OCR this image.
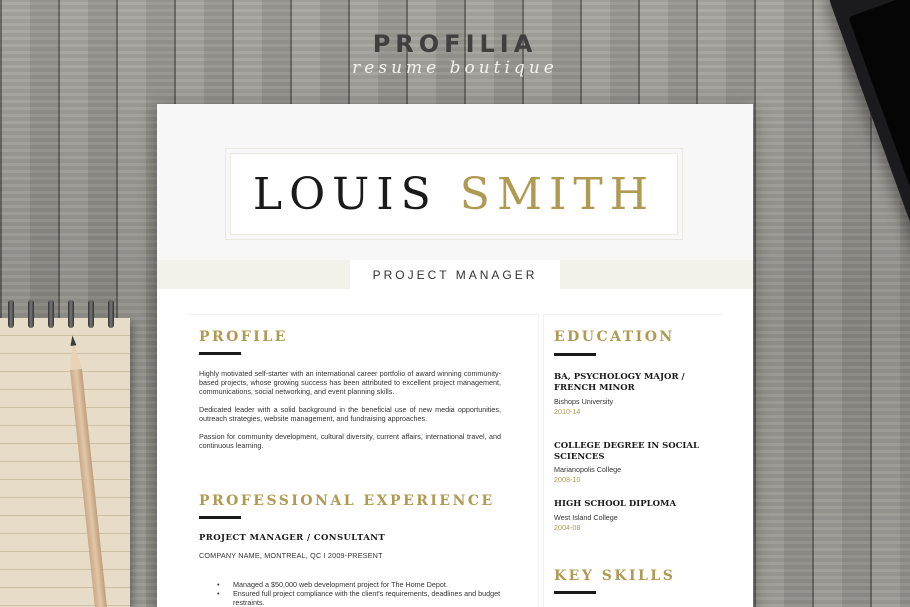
PROFILIA
resume boutique
LOUIS SMITH
PROJECT MANAGER
PROFILE
Highly motivated self-starter with an international career portfolio of award winning community-based projects, whose growing success has been attributed to excellent project management, communications, social networking, and event planning skills.
Dedicated leader with a solid background in the beneficial use of new media opportunities, outreach strategies, website management, and fundraising approaches.
Passion for community development, cultural diversity, current affairs, international travel, and continuous learning.
PROFESSIONAL EXPERIENCE
PROJECT MANAGER / CONSULTANT
COMPANY NAME, MONTREAL, QC I 2009-PRESENT
• Managed a $50,000 web development project for The Home Depot.
• Ensured full project compliance with the client's requirements, deadlines and budget restraints.
EDUCATION
BA, PSYCHOLOGY MAJOR / FRENCH MINOR
Bishops University
2010-14
COLLEGE DEGREE IN SOCIAL SCIENCES
Marianopolis College
2008-10
HIGH SCHOOL DIPLOMA
West Island College
2004-08
KEY SKILLS
